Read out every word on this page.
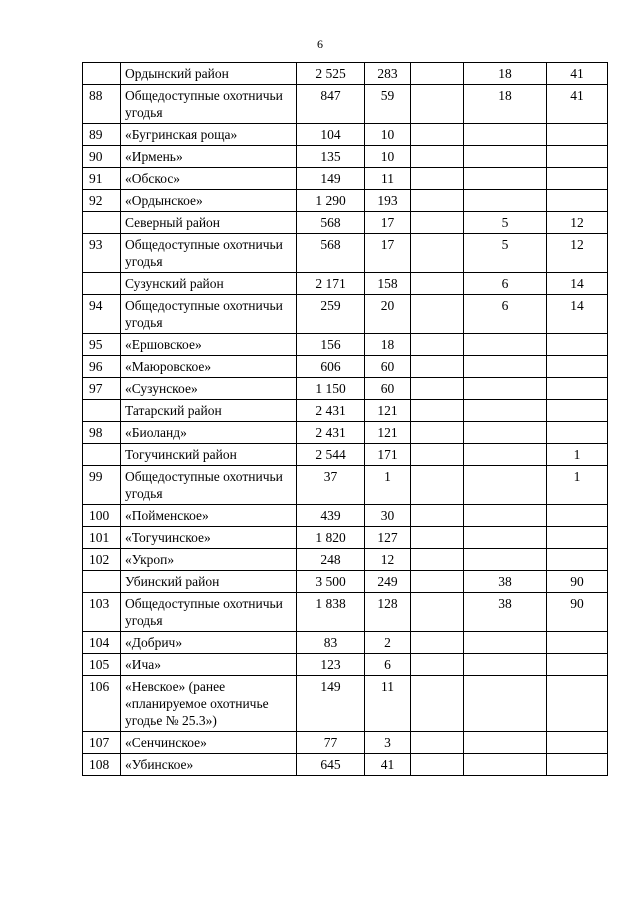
6
	Ордынский район	2 525	283		18	41
88	Общедоступные охотничьи угодья	847	59		18	41
89	«Бугринская роща»	104	10			
90	«Ирмень»	135	10			
91	«Обскос»	149	11			
92	«Ордынское»	1 290	193			
	Северный район	568	17		5	12
93	Общедоступные охотничьи угодья	568	17		5	12
	Сузунский район	2 171	158		6	14
94	Общедоступные охотничьи угодья	259	20		6	14
95	«Ершовское»	156	18			
96	«Маюровское»	606	60			
97	«Сузунское»	1 150	60			
	Татарский район	2 431	121			
98	«Биоланд»	2 431	121			
	Тогучинский район	2 544	171			1
99	Общедоступные охотничьи угодья	37	1			1
100	«Пойменское»	439	30			
101	«Тогучинское»	1 820	127			
102	«Укроп»	248	12			
	Убинский район	3 500	249		38	90
103	Общедоступные охотничьи угодья	1 838	128		38	90
104	«Добрич»	83	2			
105	«Ича»	123	6			
106	«Невское» (ранее «планируемое охотничье угодье № 25.3»)	149	11			
107	«Сенчинское»	77	3			
108	«Убинское»	645	41			
